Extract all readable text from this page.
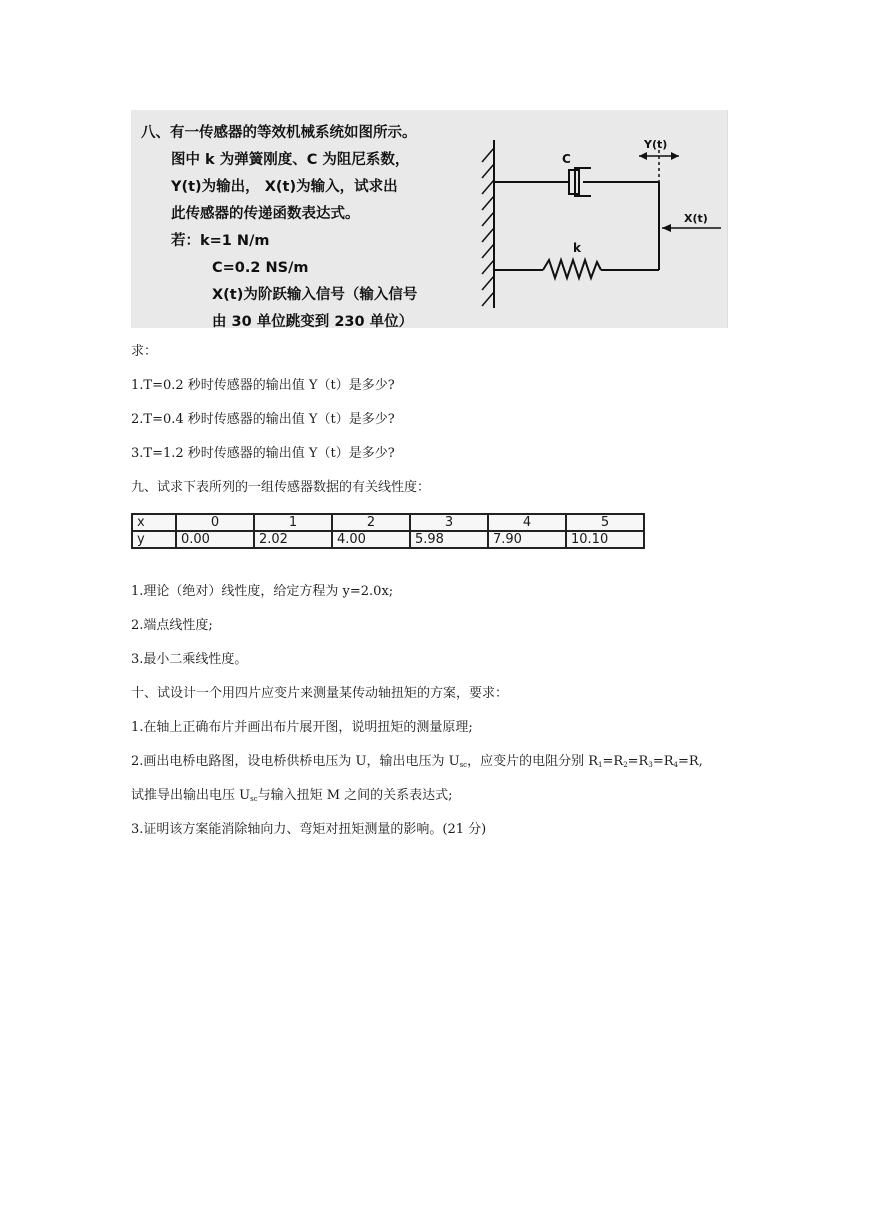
八、有一传感器的等效机械系统如图所示。
图中 k 为弹簧刚度、C 为阻尼系数，
Y(t)为输出， X(t)为输入，试求出
此传感器的传递函数表达式。
若：k=1 N/m
C=0.2 NS/m
X(t)为阶跃输入信号（输入信号
由 30 单位跳变到 230 单位）
C
k
Y(t)
X(t)
求：
1.T=0.2 秒时传感器的输出值 Y（t）是多少?
2.T=0.4 秒时传感器的输出值 Y（t）是多少?
3.T=1.2 秒时传感器的输出值 Y（t）是多少?
九、试求下表所列的一组传感器数据的有关线性度：
x	0	1	2	3	4	5
y	0.00	2.02	4.00	5.98	7.90	10.10
1.理论（绝对）线性度，给定方程为 y=2.0x;
2.端点线性度;
3.最小二乘线性度。
十、试设计一个用四片应变片来测量某传动轴扭矩的方案，要求：
1.在轴上正确布片并画出布片展开图，说明扭矩的测量原理;
2.画出电桥电路图，设电桥供桥电压为 U，输出电压为 $U_{sc}$，应变片的电阻分别 $R_1=R_2=R_3=R_4=R$,
试推导出输出电压 $U_{sc}$与输入扭矩 M 之间的关系表达式;
3.证明该方案能消除轴向力、弯矩对扭矩测量的影响。(21 分)
